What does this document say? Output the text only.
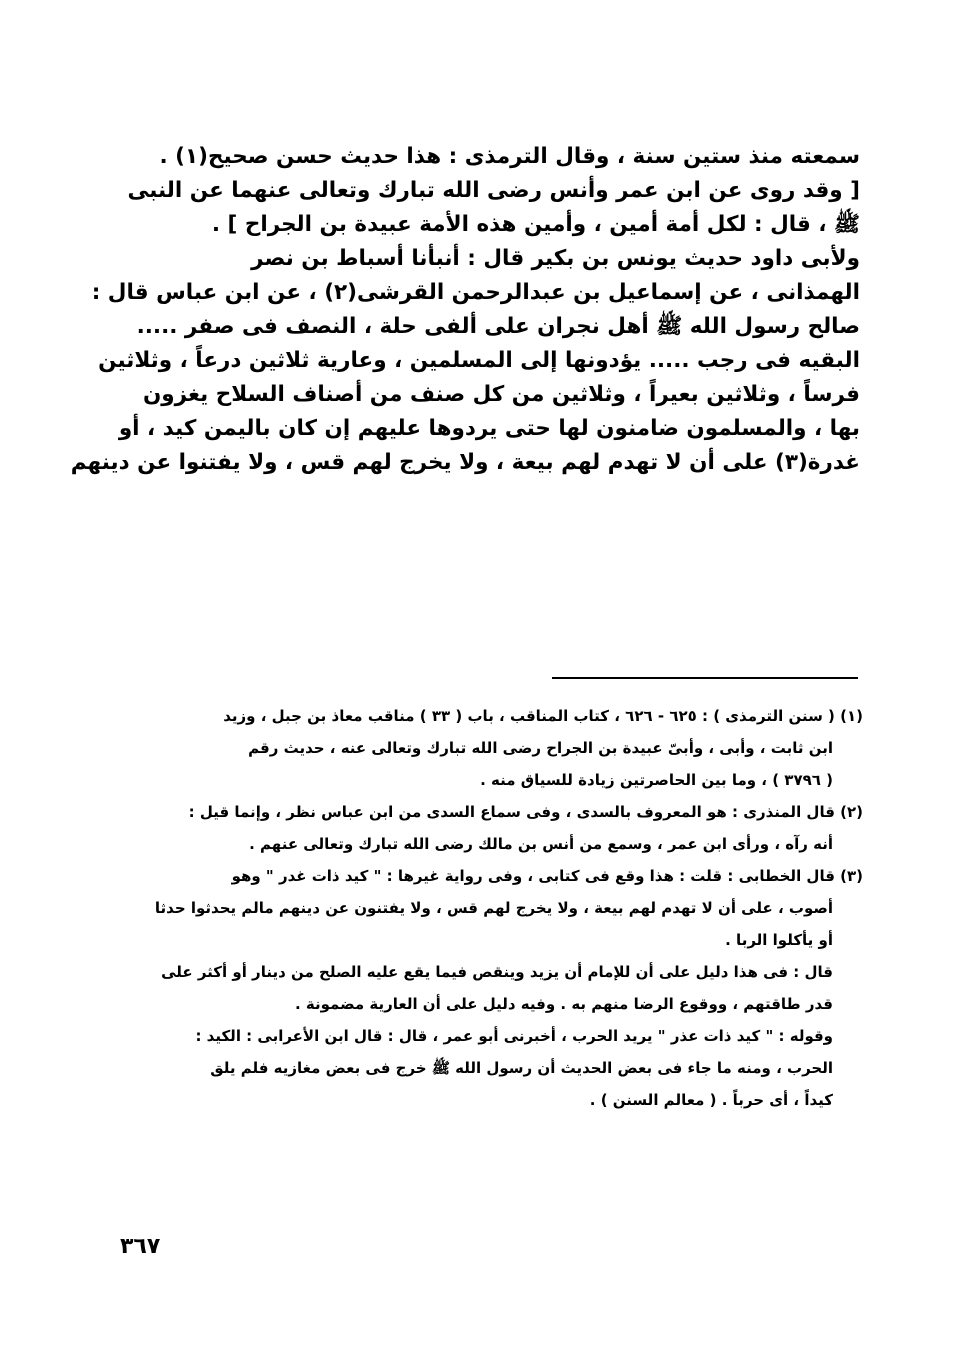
سمعته منذ ستين سنة ، وقال الترمذى : هذا حديث حسن صحيح(١) .
[ وقد روى عن ابن عمر وأنس رضى الله تبارك وتعالى عنهما عن النبى
ﷺ ، قال : لكل أمة أمين ، وأمين هذه الأمة عبيدة بن الجراح ] .
ولأبى داود حديث يونس بن بكير قال : أنبأنا أسباط بن نصر
الهمذانى ، عن إسماعيل بن عبدالرحمن القرشى(٢) ، عن ابن عباس قال :
صالح رسول الله ﷺ أهل نجران على ألفى حلة ، النصف فى صفر .....
البقيه فى رجب ..... يؤدونها إلى المسلمين ، وعارية ثلاثين درعاً ، وثلاثين
فرساً ، وثلاثين بعيراً ، وثلاثين من كل صنف من أصناف السلاح يغزون
بها ، والمسلمون ضامنون لها حتى يردوها عليهم إن كان باليمن كيد ، أو
غدرة(٣) على أن لا تهدم لهم بيعة ، ولا يخرج لهم قس ، ولا يفتنوا عن دينهم
(١) ( سنن الترمذى ) : ٦٢٥ - ٦٢٦ ، كتاب المناقب ، باب ( ٣٣ ) مناقب معاذ بن جبل ، وزيد
ابن ثابت ، وأبى ، وأبىّ عبيدة بن الجراح رضى الله تبارك وتعالى عنه ، حديث رقم
( ٣٧٩٦ ) ، وما بين الحاصرتين زيادة للسياق منه .
(٢) قال المنذرى : هو المعروف بالسدى ، وفى سماع السدى من ابن عباس نظر ، وإنما قيل :
أنه رآه ، ورأى ابن عمر ، وسمع من أنس بن مالك رضى الله تبارك وتعالى عنهم .
(٣) قال الخطابى : قلت : هذا وقع فى كتابى ، وفى رواية غيرها : " كيد ذات غدر " وهو
أصوب ، على أن لا تهدم لهم بيعة ، ولا يخرج لهم قس ، ولا يفتنون عن دينهم مالم يحدثوا حدثا
أو يأكلوا الربا .
قال : فى هذا دليل على أن للإمام أن يزيد وينقص فيما يقع عليه الصلح من دينار أو أكثر على
قدر طاقتهم ، ووقوع الرضا منهم به . وفيه دليل على أن العارية مضمونة .
وقوله : " كيد ذات عذر " يريد الحرب ، أخبرنى أبو عمر ، قال : قال ابن الأعرابى : الكيد :
الحرب ، ومنه ما جاء فى بعض الحديث أن رسول الله ﷺ خرج فى بعض مغازيه فلم يلق
كيداً ، أى حرباً . ( معالم السنن ) .
٣٦٧
